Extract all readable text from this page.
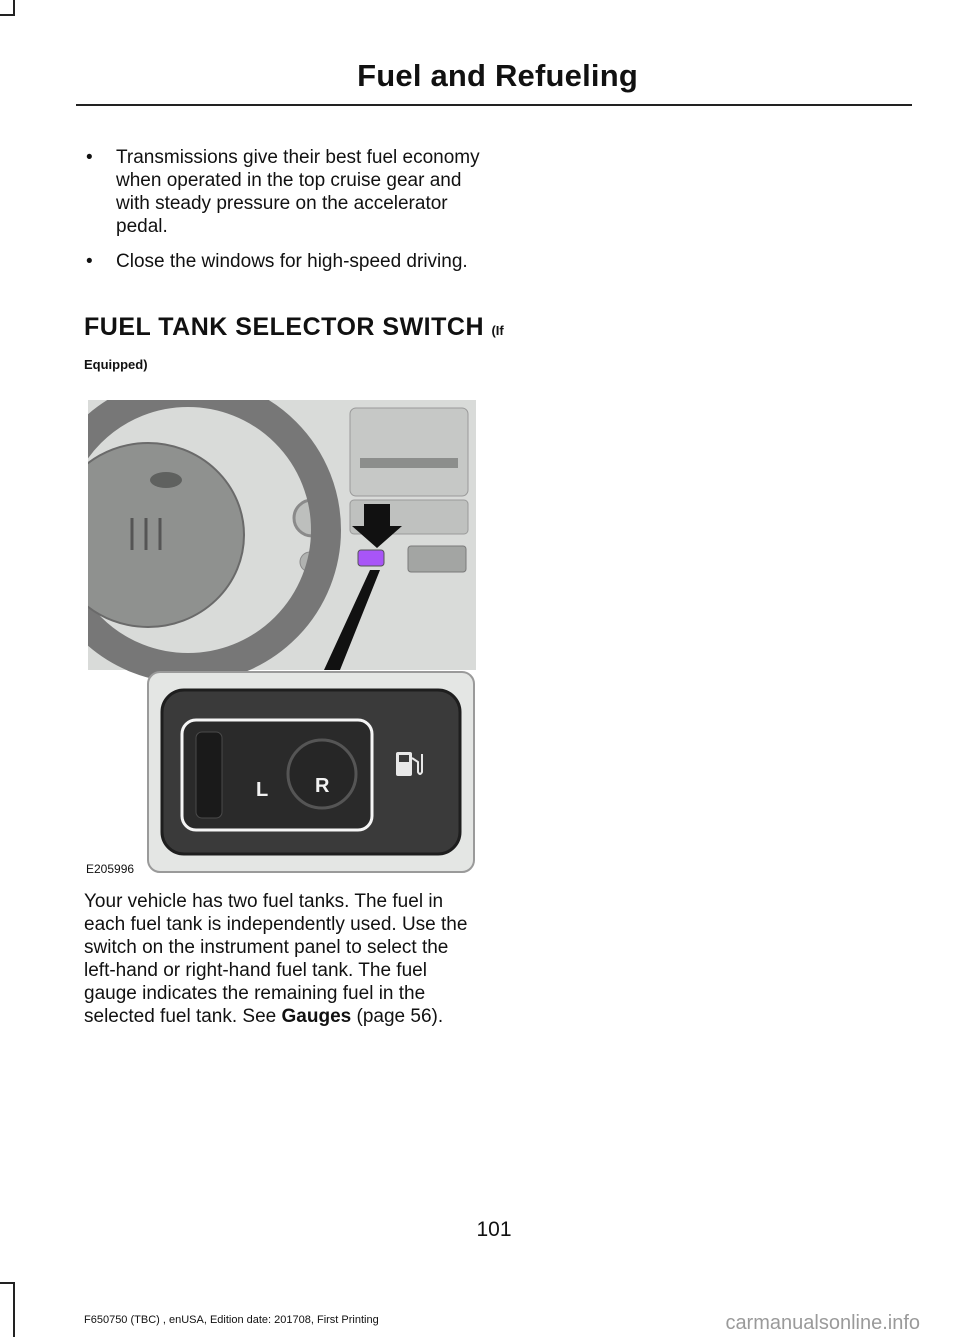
Fuel and Refueling
• Transmissions give their best fuel economy when operated in the top cruise gear and with steady pressure on the accelerator pedal.
• Close the windows for high-speed driving.
FUEL TANK SELECTOR SWITCH (If Equipped)
L R
E205996

Your vehicle has two fuel tanks. The fuel in each fuel tank is independently used. Use the switch on the instrument panel to select the left-hand or right-hand fuel tank. The fuel gauge indicates the remaining fuel in the selected fuel tank. See Gauges (page 56).

101
F650750 (TBC) , enUSA, Edition date: 201708, First Printing	carmanualsonline.info
